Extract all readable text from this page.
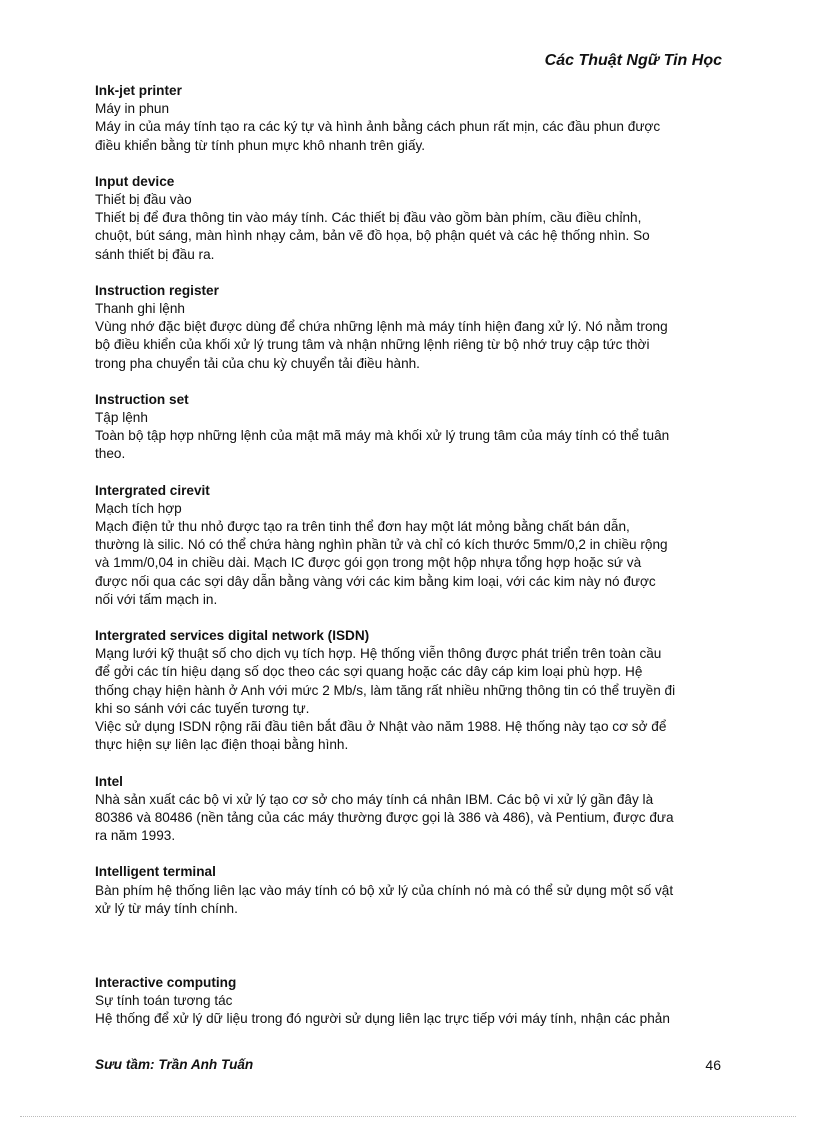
Các Thuật Ngữ Tin Học
Ink-jet printer
Máy in phun
Máy in của máy tính tạo ra các ký tự và hình ảnh bằng cách phun rất mịn, các đầu phun được
điều khiển bằng từ tính phun mực khô nhanh trên giấy.
Input device
Thiết bị đầu vào
Thiết bị để đưa thông tin vào máy tính. Các thiết bị đầu vào gồm bàn phím, cầu điều chỉnh,
chuột, bút sáng, màn hình nhạy cảm, bản vẽ đồ họa, bộ phận quét và các hệ thống nhìn. So
sánh thiết bị đầu ra.
Instruction register
Thanh ghi lệnh
Vùng nhớ đặc biệt được dùng để chứa những lệnh mà máy tính hiện đang xử lý. Nó nằm trong
bộ điều khiển của khối xử lý trung tâm và nhận những lệnh riêng từ bộ nhớ truy cập tức thời
trong pha chuyển tải của chu kỳ chuyển tải điều hành.
Instruction set
Tập lệnh
Toàn bộ tập hợp những lệnh của mật mã máy mà khối xử lý trung tâm của máy tính có thể tuân
theo.
Intergrated cirevit
Mạch tích hợp
Mạch điện tử thu nhỏ được tạo ra trên tinh thể đơn hay một lát mỏng bằng chất bán dẫn,
thường là silic. Nó có thể chứa hàng nghìn phần tử và chỉ có kích thước 5mm/0,2 in chiều rộng
và 1mm/0,04 in chiều dài. Mạch IC được gói gọn trong một hộp nhựa tổng hợp hoặc sứ và
được nối qua các sợi dây dẫn bằng vàng với các kim bằng kim loại, với các kim này nó được
nối với tấm mạch in.
Intergrated services digital network (ISDN)
Mạng lưới kỹ thuật số cho dịch vụ tích hợp. Hệ thống viễn thông được phát triển trên toàn cầu
để gởi các tín hiệu dạng số dọc theo các sợi quang hoặc các dây cáp kim loại phù hợp. Hệ
thống chạy hiện hành ở Anh với mức 2 Mb/s, làm tăng rất nhiều những thông tin có thể truyền đi
khi so sánh với các tuyến tương tự.
Việc sử dụng ISDN rộng rãi đầu tiên bắt đầu ở Nhật vào năm 1988. Hệ thống này tạo cơ sở để
thực hiện sự liên lạc điện thoại bằng hình.
Intel
Nhà sản xuất các bộ vi xử lý tạo cơ sở cho máy tính cá nhân IBM. Các bộ vi xử lý gần đây là
80386 và 80486 (nền tảng của các máy thường được gọi là 386 và 486), và Pentium, được đưa
ra năm 1993.
Intelligent terminal
Bàn phím hệ thống liên lạc vào máy tính có bộ xử lý của chính nó mà có thể sử dụng một số vật
xử lý từ máy tính chính.
Interactive computing
Sự tính toán tương tác
Hệ thống để xử lý dữ liệu trong đó người sử dụng liên lạc trực tiếp với máy tính, nhận các phản
Sưu tầm: Trần Anh Tuấn	46
